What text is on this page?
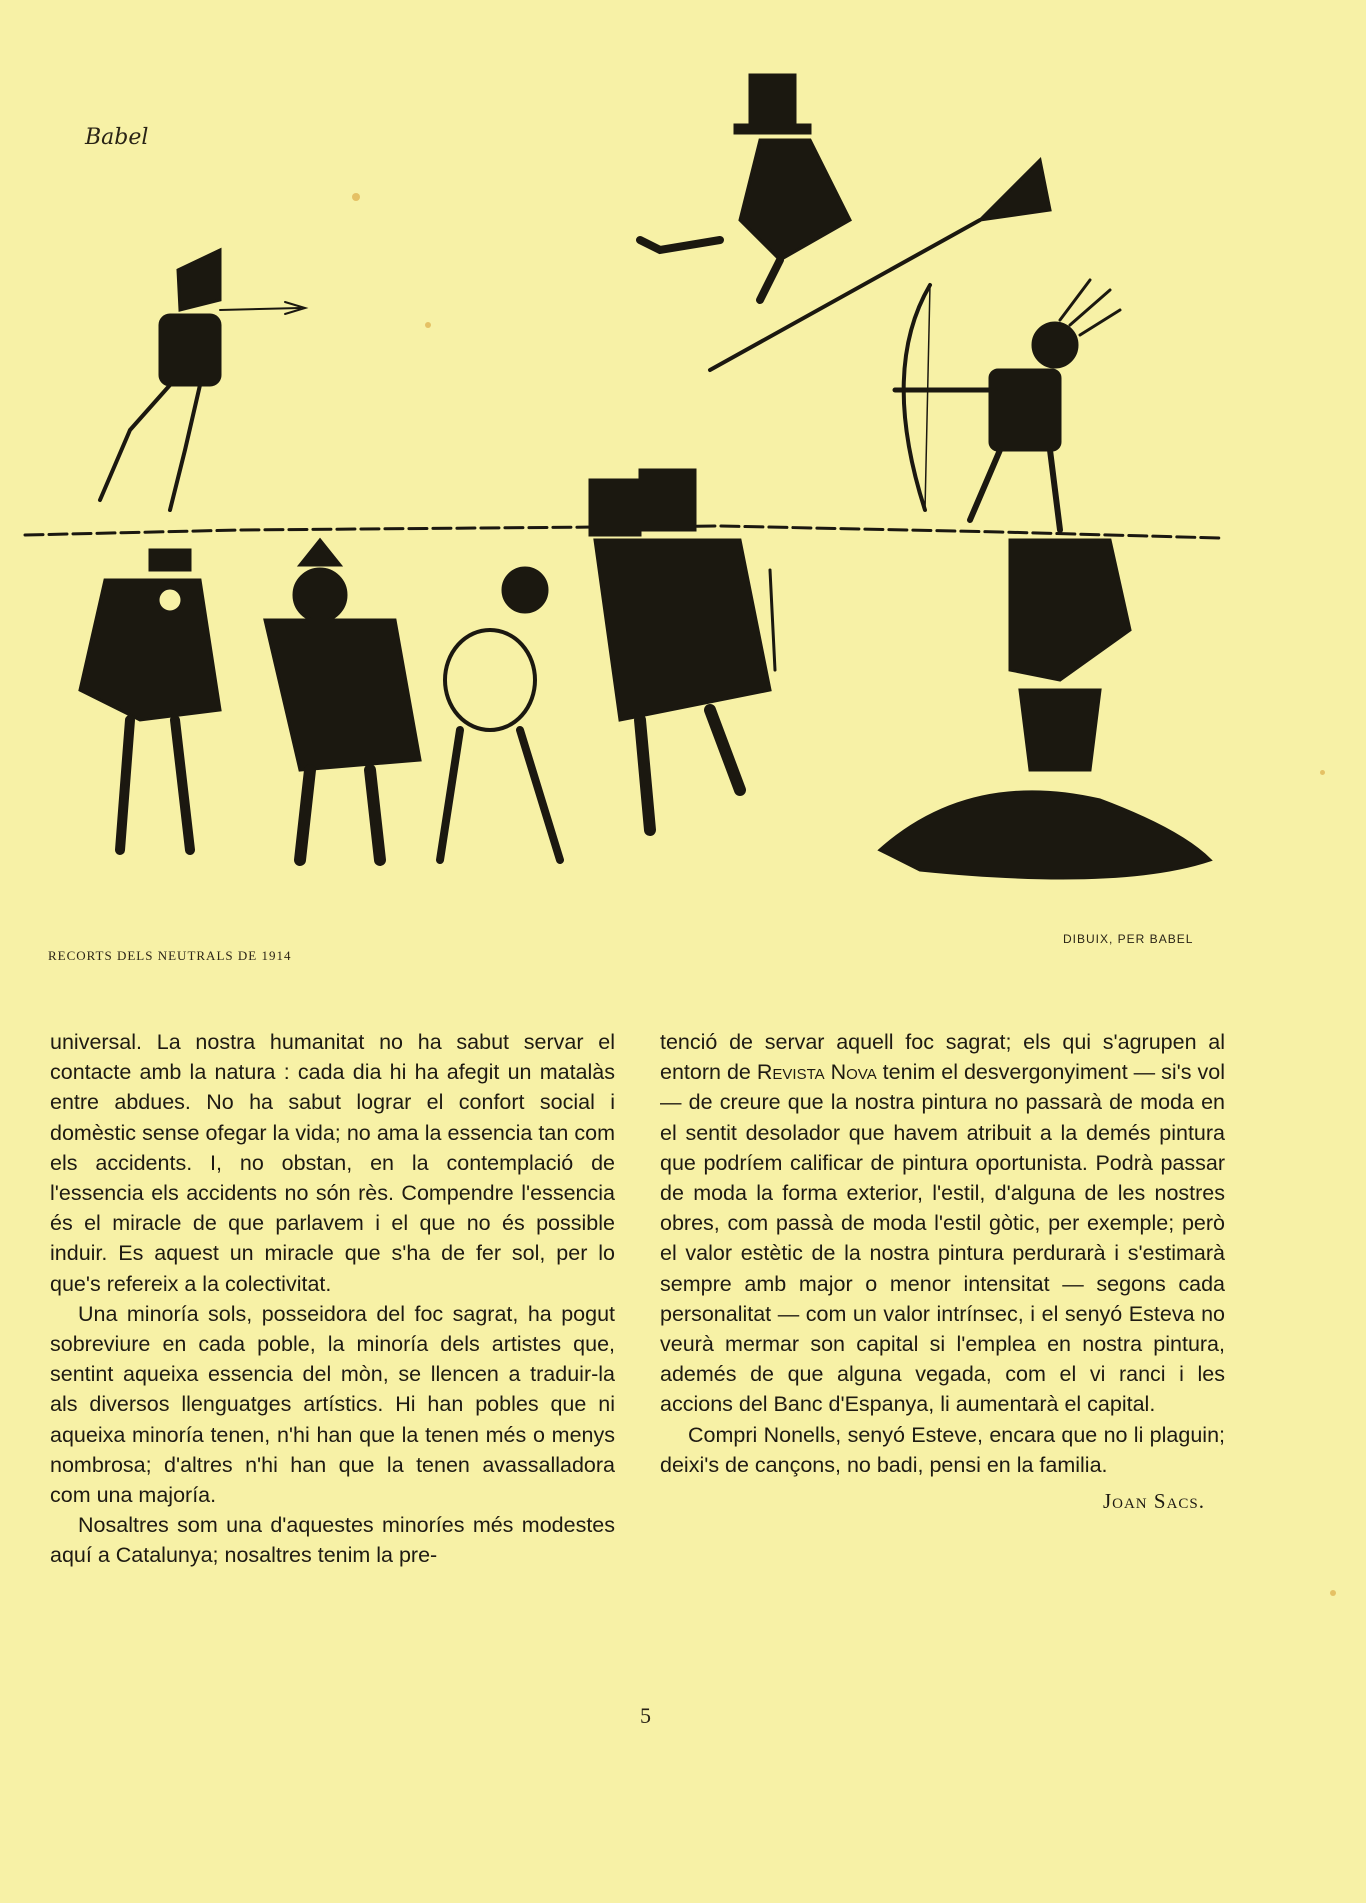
Babel
RECORTS DELS NEUTRALS DE 1914
DIBUIX, PER BABEL

universal. La nostra humanitat no ha sabut servar el contacte amb la natura : cada dia hi ha afegit un matalàs entre abdues. No ha sabut lograr el confort social i domèstic sense ofegar la vida; no ama la essencia tan com els accidents. I, no obstan, en la contemplació de l'essencia els accidents no són rès. Compendre l'essencia és el miracle de que parlavem i el que no és possible induir. Es aquest un miracle que s'ha de fer sol, per lo que's refereix a la colectivitat.

Una minoría sols, posseidora del foc sagrat, ha pogut sobreviure en cada poble, la minoría dels artistes que, sentint aqueixa essencia del mòn, se llencen a traduir-la als diversos llenguatges artístics. Hi han pobles que ni aqueixa minoría tenen, n'hi han que la tenen més o menys nombrosa; d'altres n'hi han que la tenen avassalladora com una majoría.

Nosaltres som una d'aquestes minoríes més modestes aquí a Catalunya; nosaltres tenim la pre-

tenció de servar aquell foc sagrat; els qui s'agrupen al entorn de Revista Nova tenim el desvergonyiment — si's vol — de creure que la nostra pintura no passarà de moda en el sentit desolador que havem atribuit a la demés pintura que podríem calificar de pintura oportunista. Podrà passar de moda la forma exterior, l'estil, d'alguna de les nostres obres, com passà de moda l'estil gòtic, per exemple; però el valor estètic de la nostra pintura perdurarà i s'estimarà sempre amb major o menor intensitat — segons cada personalitat — com un valor intrínsec, i el senyó Esteva no veurà mermar son capital si l'emplea en nostra pintura, ademés de que alguna vegada, com el vi ranci i les accions del Banc d'Espanya, li aumentarà el capital.

Compri Nonells, senyó Esteve, encara que no li plaguin; deixi's de cançons, no badi, pensi en la familia.

Joan Sacs.
5
